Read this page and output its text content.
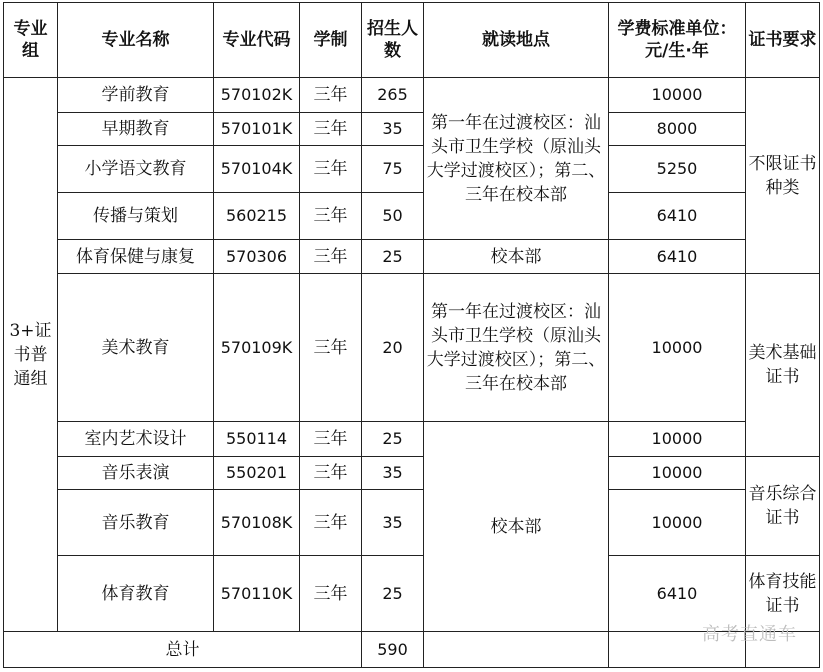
专业组	专业名称	专业代码	学制	招生人数	就读地点	学费标准单位：元/生·年	证书要求
3+证书普通组	学前教育	570102K	三年	265	第一年在过渡校区：汕头市卫生学校（原汕头大学过渡校区）；第二、三年在校本部	10000	不限证书种类
	早期教育	570101K	三年	35		8000	
	小学语文教育	570104K	三年	75		5250	
	传播与策划	560215	三年	50		6410	
	体育保健与康复	570306	三年	25	校本部	6410	
	美术教育	570109K	三年	20	第一年在过渡校区：汕头市卫生学校（原汕头大学过渡校区）；第二、三年在校本部	10000	美术基础证书
	室内艺术设计	550114	三年	25	校本部	10000	
	音乐表演	550201	三年	35		10000	音乐综合证书
	音乐教育	570108K	三年	35		10000	
	体育教育	570110K	三年	25		6410	体育技能证书
总计				590			
高考直通车
